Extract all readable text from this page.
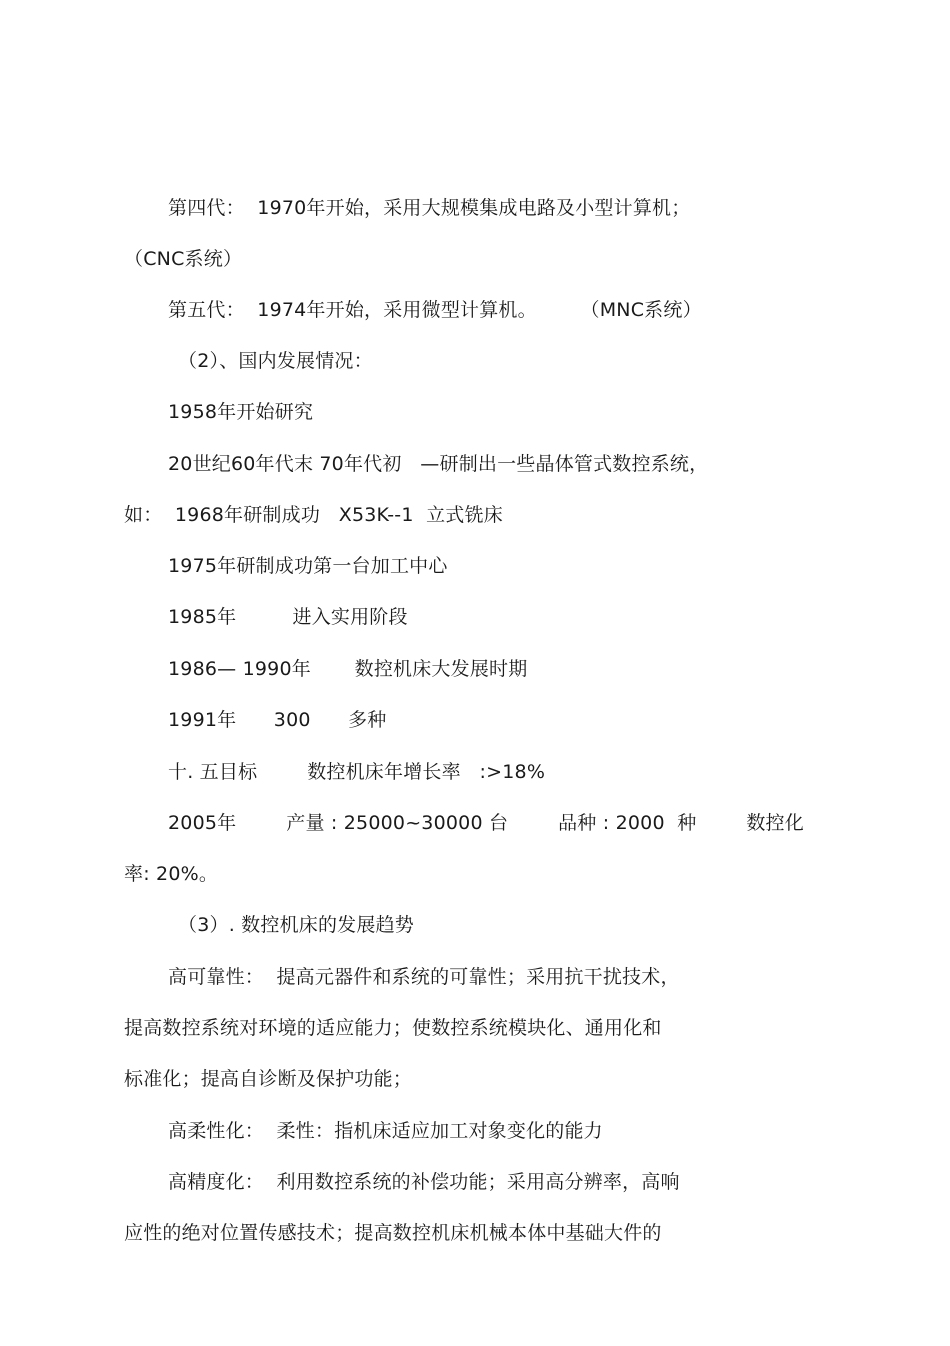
第四代：  1970年开始，采用大规模集成电路及小型计算机；
（CNC系统）
第五代：  1974年开始，采用微型计算机。       （MNC系统）
（2）、国内发展情况：
1958年开始研究
20世纪60年代末 70年代初   —研制出一些晶体管式数控系统，
如：  1968年研制成功   X53K--1  立式铣床
1975年研制成功第一台加工中心
1985年         进入实用阶段
1986— 1990年       数控机床大发展时期
1991年      300      多种
十. 五目标        数控机床年增长率   :>18%
2005年        产量 : 25000~30000 台        品种 : 2000  种        数控化
率: 20%。
（3）. 数控机床的发展趋势
高可靠性：  提高元器件和系统的可靠性；采用抗干扰技术，
提高数控系统对环境的适应能力；使数控系统模块化、通用化和
标准化；提高自诊断及保护功能；
高柔性化：  柔性：指机床适应加工对象变化的能力
高精度化：  利用数控系统的补偿功能；采用高分辨率，高响
应性的绝对位置传感技术；提高数控机床机械本体中基础大件的
